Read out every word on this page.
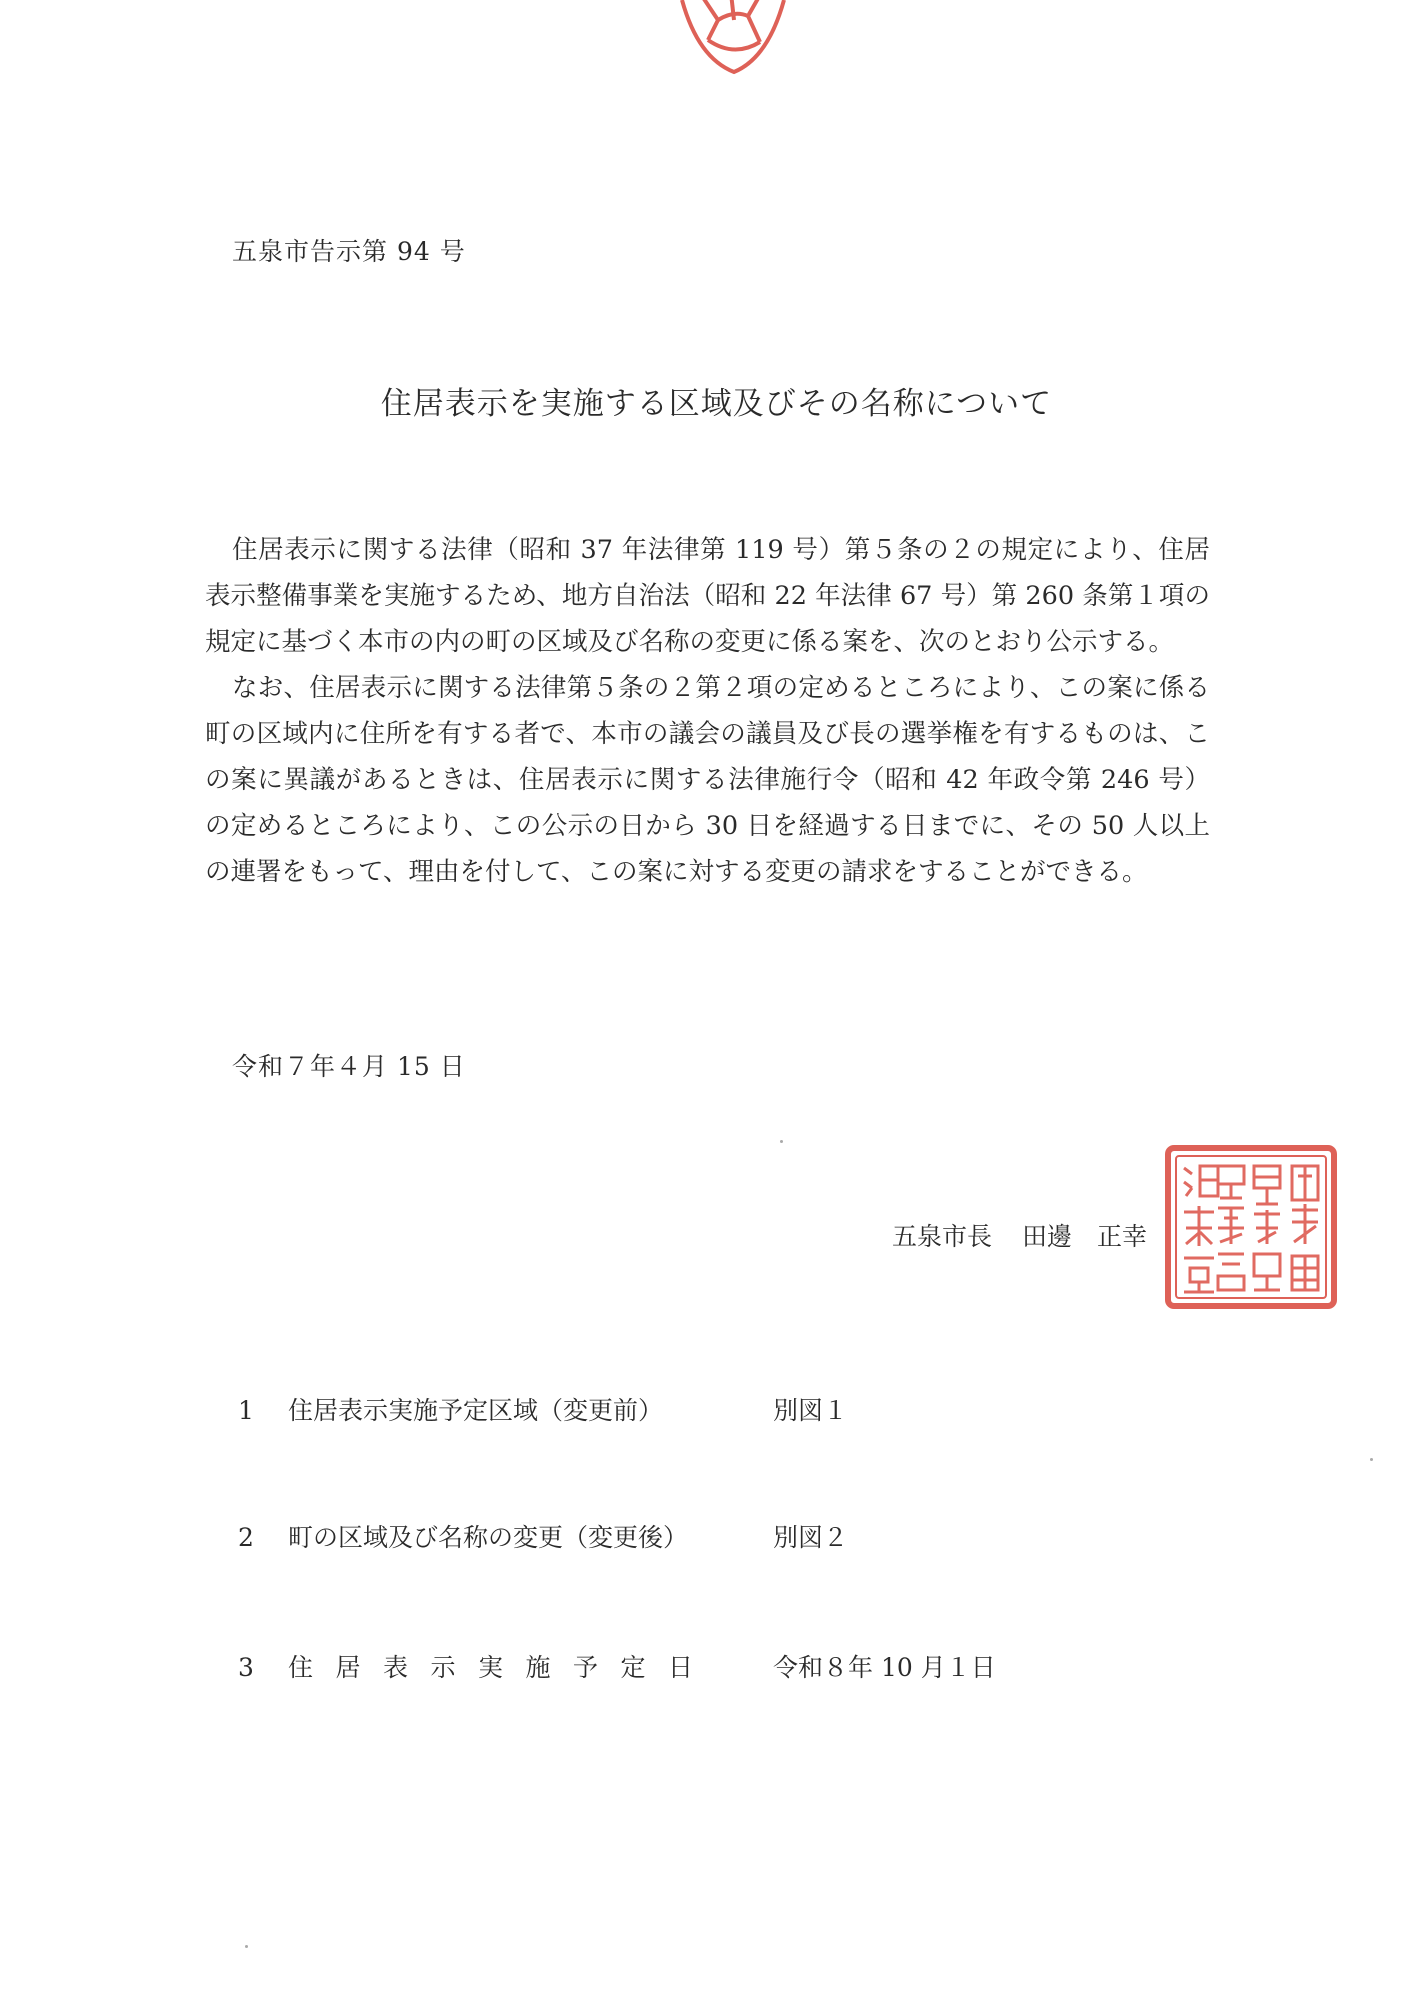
五泉市告示第 94 号
住居表示を実施する区域及びその名称について

住居表示に関する法律（昭和 37 年法律第 119 号）第５条の２の規定により、住居表示整備事業を実施するため、地方自治法（昭和 22 年法律 67 号）第 260 条第１項の規定に基づく本市の内の町の区域及び名称の変更に係る案を、次のとおり公示する。

なお、住居表示に関する法律第５条の２第２項の定めるところにより、この案に係る町の区域内に住所を有する者で、本市の議会の議員及び長の選挙権を有するものは、この案に異議があるときは、住居表示に関する法律施行令（昭和 42 年政令第 246 号）の定めるところにより、この公示の日から 30 日を経過する日までに、その 50 人以上の連署をもって、理由を付して、この案に対する変更の請求をすることができる。

令和７年４月 15 日
五泉市長 田邊　正幸
1 住居表示実施予定区域（変更前）	別図１
2 町の区域及び名称の変更（変更後）	別図２
3 住居表示実施予定日 令和８年 10 月１日
